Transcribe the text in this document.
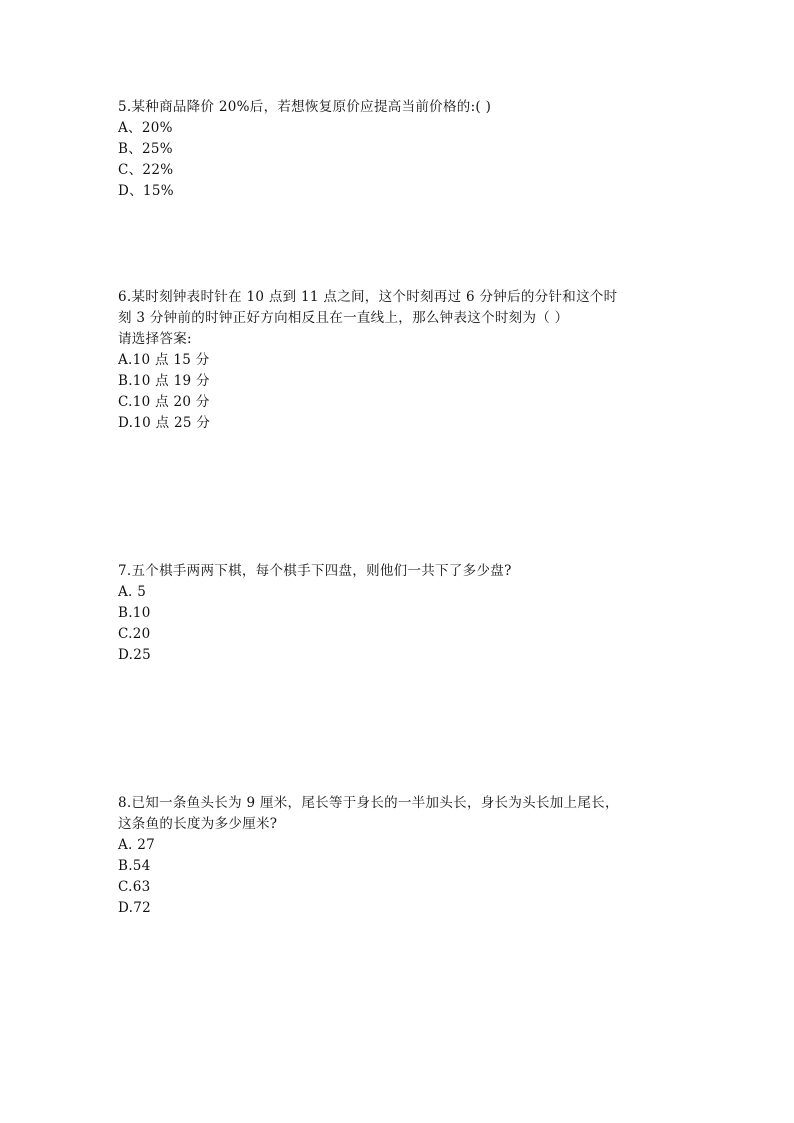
5.某种商品降价 20%后，若想恢复原价应提高当前价格的:( )
A、20%
B、25%
C、22%
D、15%
6.某时刻钟表时针在 10 点到 11 点之间，这个时刻再过 6 分钟后的分针和这个时
刻 3 分钟前的时钟正好方向相反且在一直线上，那么钟表这个时刻为（ ）
请选择答案:
A.10 点 15 分
B.10 点 19 分
C.10 点 20 分
D.10 点 25 分
7.五个棋手两两下棋，每个棋手下四盘，则他们一共下了多少盘?
A. 5
B.10
C.20
D.25
8.已知一条鱼头长为 9 厘米，尾长等于身长的一半加头长，身长为头长加上尾长，
这条鱼的长度为多少厘米?
A. 27
B.54
C.63
D.72
